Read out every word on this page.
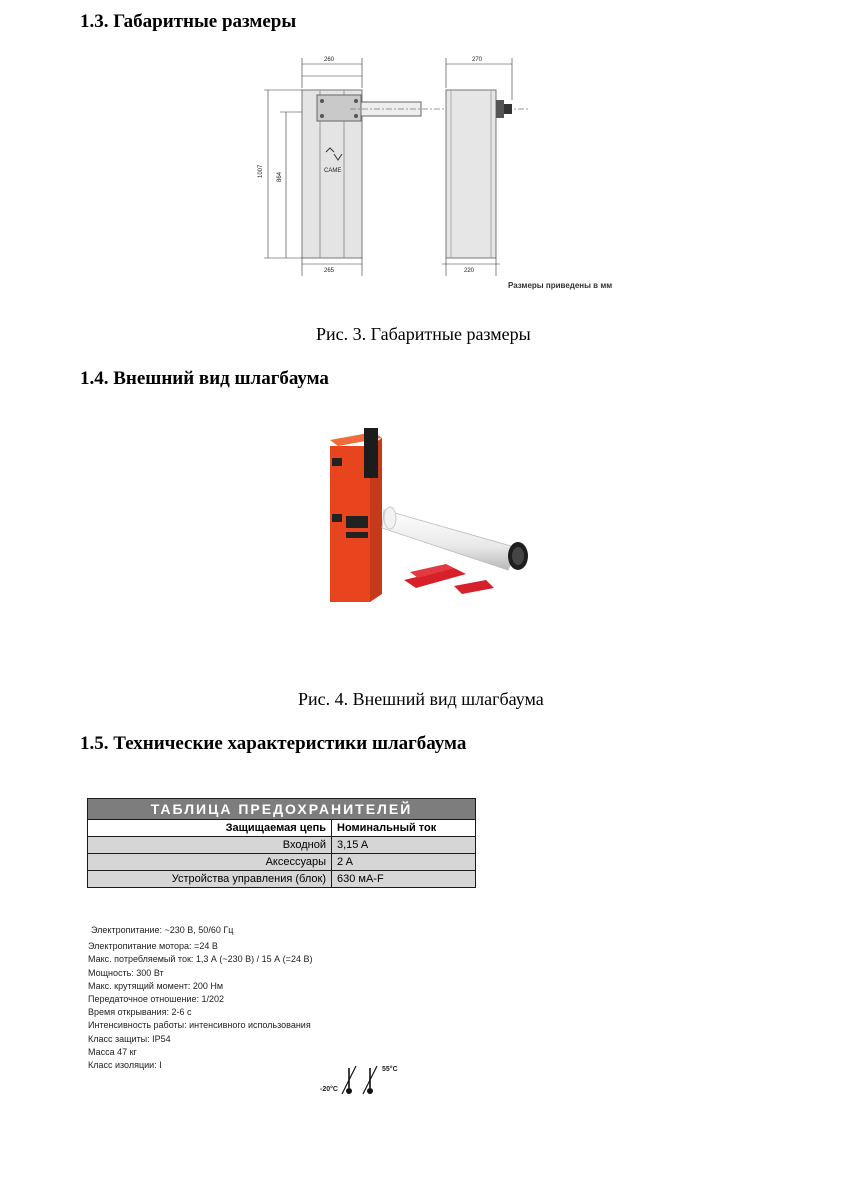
1.3. Габаритные размеры
CAME
260
1007 864
265
270
220
Размеры приведены в мм
Рис. 3. Габаритные размеры
1.4. Внешний вид шлагбаума
Рис. 4. Внешний вид шлагбаума
1.5. Технические характеристики шлагбаума
ТАБЛИЦА ПРЕДОХРАНИТЕЛЕЙ	
Защищаемая цепь	Номинальный ток
Входной	3,15 A
Аксессуары	2 A
Устройства управления (блок)	630 мA-F
Электропитание: ~230 В, 50/60 Гц
Электропитание мотора: =24 В
Макс. потребляемый ток: 1,3 А (~230 В) / 15 А (=24 В)
Мощность: 300 Вт
Макс. крутящий момент: 200 Нм
Передаточное отношение: 1/202
Время открывания: 2-6 с
Интенсивность работы: интенсивного использования
Класс защиты: IP54
Масса 47 кг
Класс изоляции: I
-20°C
55°C
